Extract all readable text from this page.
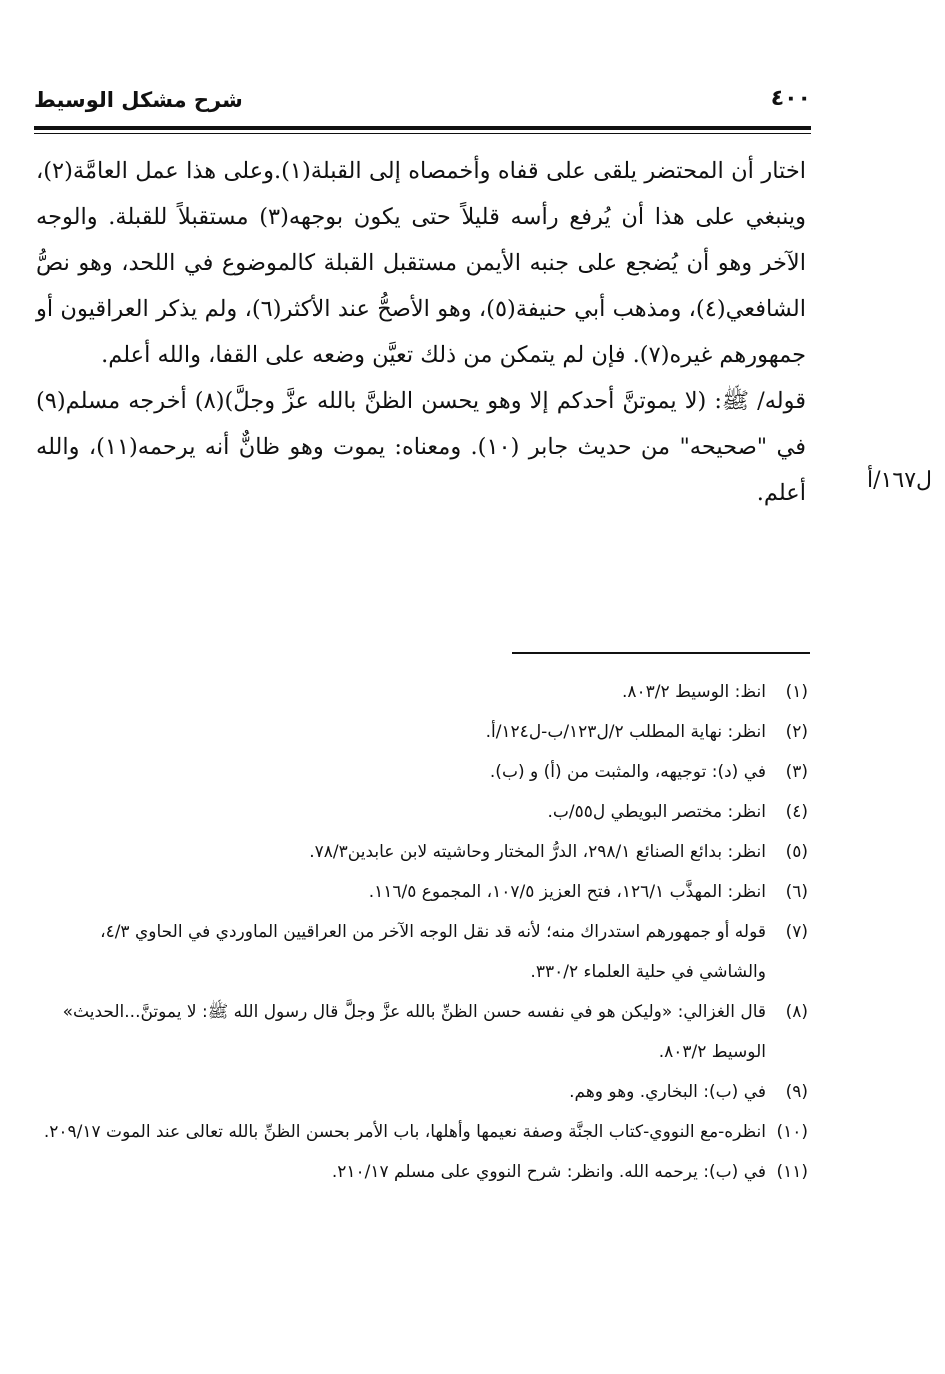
شرح مشكل الوسيط	٤٠٠

اختار أن المحتضر يلقى على قفاه وأخمصاه إلى القبلة(١).وعلى هذا عمل العامَّة(٢)، وينبغي على هذا أن يُرفع رأسه قليلاً حتى يكون بوجهه(٣) مستقبلاً للقبلة. والوجه الآخر وهو أن يُضجع على جنبه الأيمن مستقبل القبلة كالموضوع في اللحد، وهو نصُّ الشافعي(٤)، ومذهب أبي حنيفة(٥)، وهو الأصحُّ عند الأكثر(٦)، ولم يذكر العراقيون أو جمهورهم غيره(٧). فإن لم يتمكن من ذلك تعيَّن وضعه على القفا، والله أعلم.

قوله/ ﷺ: (لا يموتنَّ أحدكم إلا وهو يحسن الظنَّ بالله عزَّ وجلَّ)(٨) أخرجه مسلم(٩) في "صحيحه" من حديث جابر (١٠). ومعناه: يموت وهو ظانٌّ أنه يرحمه(١١)، والله أعلم.	ل١٦٧/أ
(١)انظ: الوسيط ٨٠٣/٢.
(٢)انظر: نهاية المطلب ٢/ل١٢٣/ب-ل١٢٤/أ.
(٣)في (د): توجيهه، والمثبت من (أ) و (ب).
(٤)انظر: مختصر البويطي ل٥٥/ب.
(٥)انظر: بدائع الصنائع ٢٩٨/١، الدرُّ المختار وحاشيته لابن عابدين٧٨/٣.
(٦)انظر: المهذَّب ١٢٦/١، فتح العزيز ١٠٧/٥، المجموع ١١٦/٥.
(٧)قوله أو جمهورهم استدراك منه؛ لأنه قد نقل الوجه الآخر من العراقيين الماوردي في الحاوي ٤/٣، والشاشي في حلية العلماء ٣٣٠/٢.
(٨)قال الغزالي: «وليكن هو في نفسه حسن الظنِّ بالله عزَّ وجلَّ قال رسول الله ﷺ: لا يموتنَّ...الحديث» الوسيط ٨٠٣/٢.
(٩)في (ب): البخاري. وهو وهم.
(١٠)انظره-مع النووي-كتاب الجنَّة وصفة نعيمها وأهلها، باب الأمر بحسن الظنِّ بالله تعالى عند الموت ٢٠٩/١٧.
(١١)في (ب): يرحمه الله. وانظر: شرح النووي على مسلم ٢١٠/١٧.
